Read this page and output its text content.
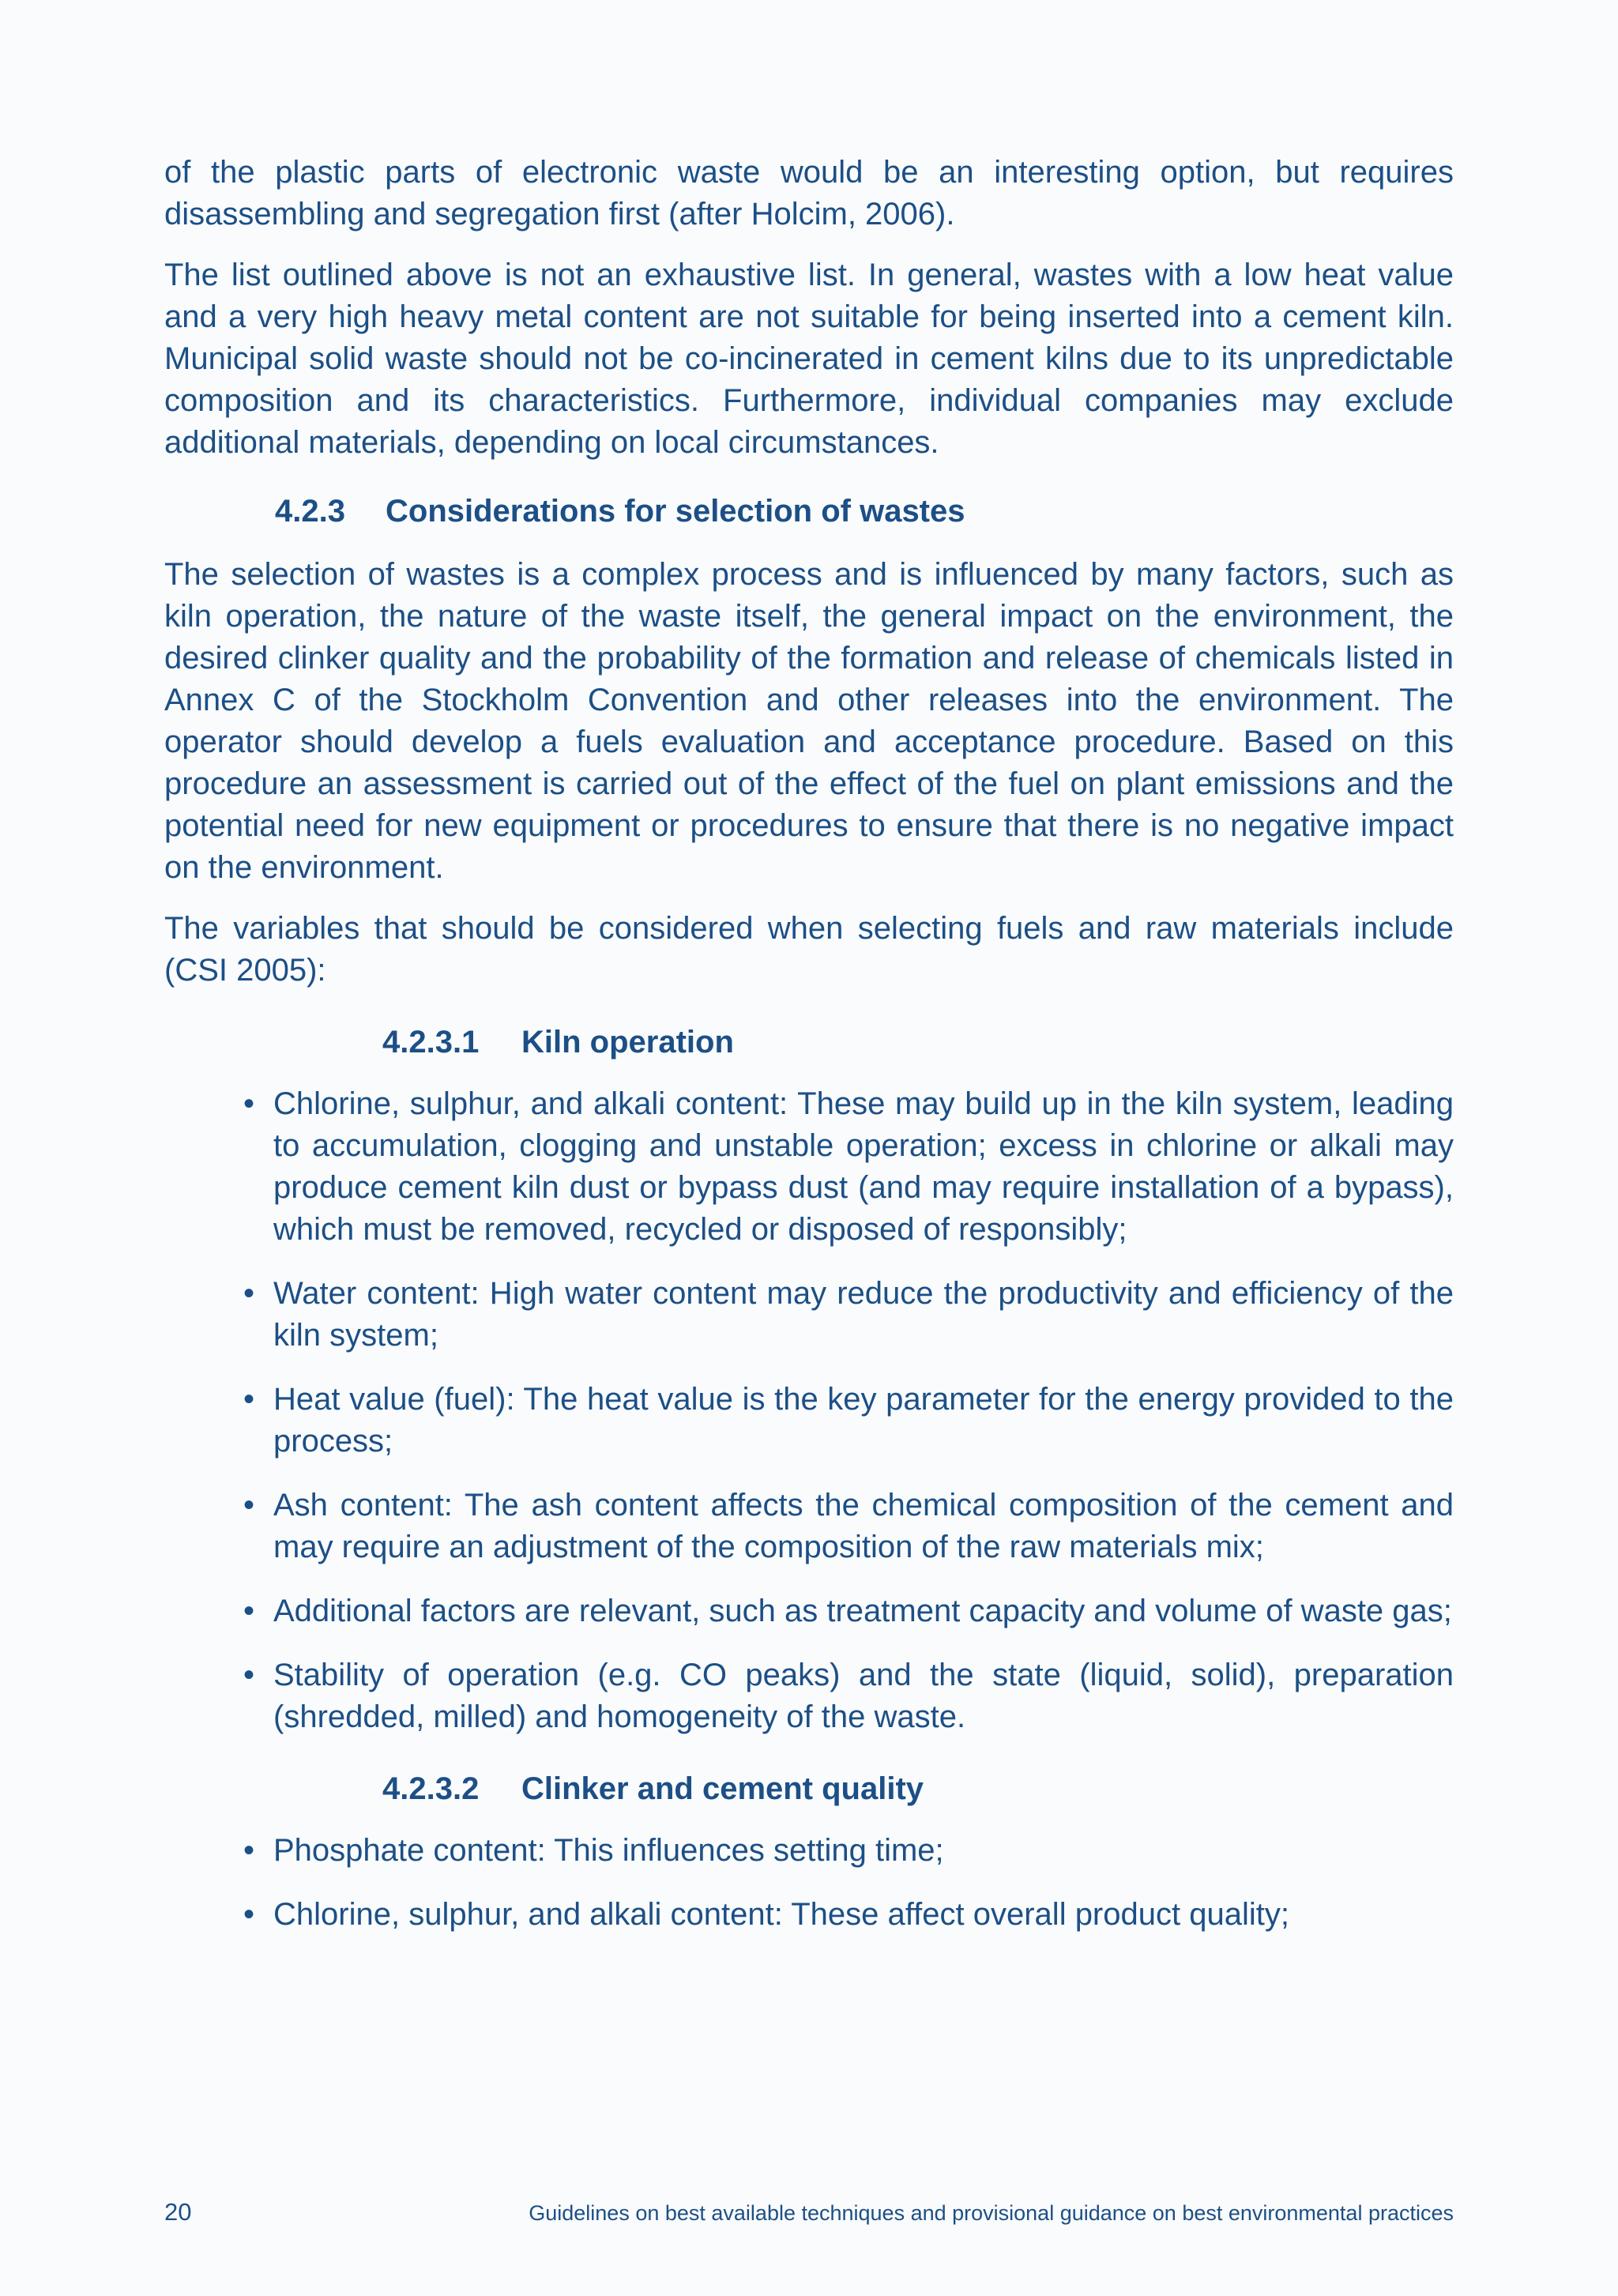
of the plastic parts of electronic waste would be an interesting option, but requires disassembling and segregation first (after Holcim, 2006).

The list outlined above is not an exhaustive list. In general, wastes with a low heat value and a very high heavy metal content are not suitable for being inserted into a cement kiln. Municipal solid waste should not be co-incinerated in cement kilns due to its unpredictable composition and its characteristics. Furthermore, individual companies may exclude additional materials, depending on local circumstances.

4.2.3 Considerations for selection of wastes

The selection of wastes is a complex process and is influenced by many factors, such as kiln operation, the nature of the waste itself, the general impact on the environment, the desired clinker quality and the probability of the formation and release of chemicals listed in Annex C of the Stockholm Convention and other releases into the environment. The operator should develop a fuels evaluation and acceptance procedure. Based on this procedure an assessment is carried out of the effect of the fuel on plant emissions and the potential need for new equipment or procedures to ensure that there is no negative impact on the environment.

The variables that should be considered when selecting fuels and raw materials include (CSI 2005):

4.2.3.1 Kiln operation
• Chlorine, sulphur, and alkali content: These may build up in the kiln system, leading to accumulation, clogging and unstable operation; excess in chlorine or alkali may produce cement kiln dust or bypass dust (and may require installation of a bypass), which must be removed, recycled or disposed of responsibly;
• Water content: High water content may reduce the productivity and efficiency of the kiln system;
• Heat value (fuel): The heat value is the key parameter for the energy provided to the process;
• Ash content: The ash content affects the chemical composition of the cement and may require an adjustment of the composition of the raw materials mix;
• Additional factors are relevant, such as treatment capacity and volume of waste gas;
• Stability of operation (e.g. CO peaks) and the state (liquid, solid), preparation (shredded, milled) and homogeneity of the waste.
4.2.3.2 Clinker and cement quality
• Phosphate content: This influences setting time;
• Chlorine, sulphur, and alkali content: These affect overall product quality;
20	Guidelines on best available techniques and provisional guidance on best environmental practices
